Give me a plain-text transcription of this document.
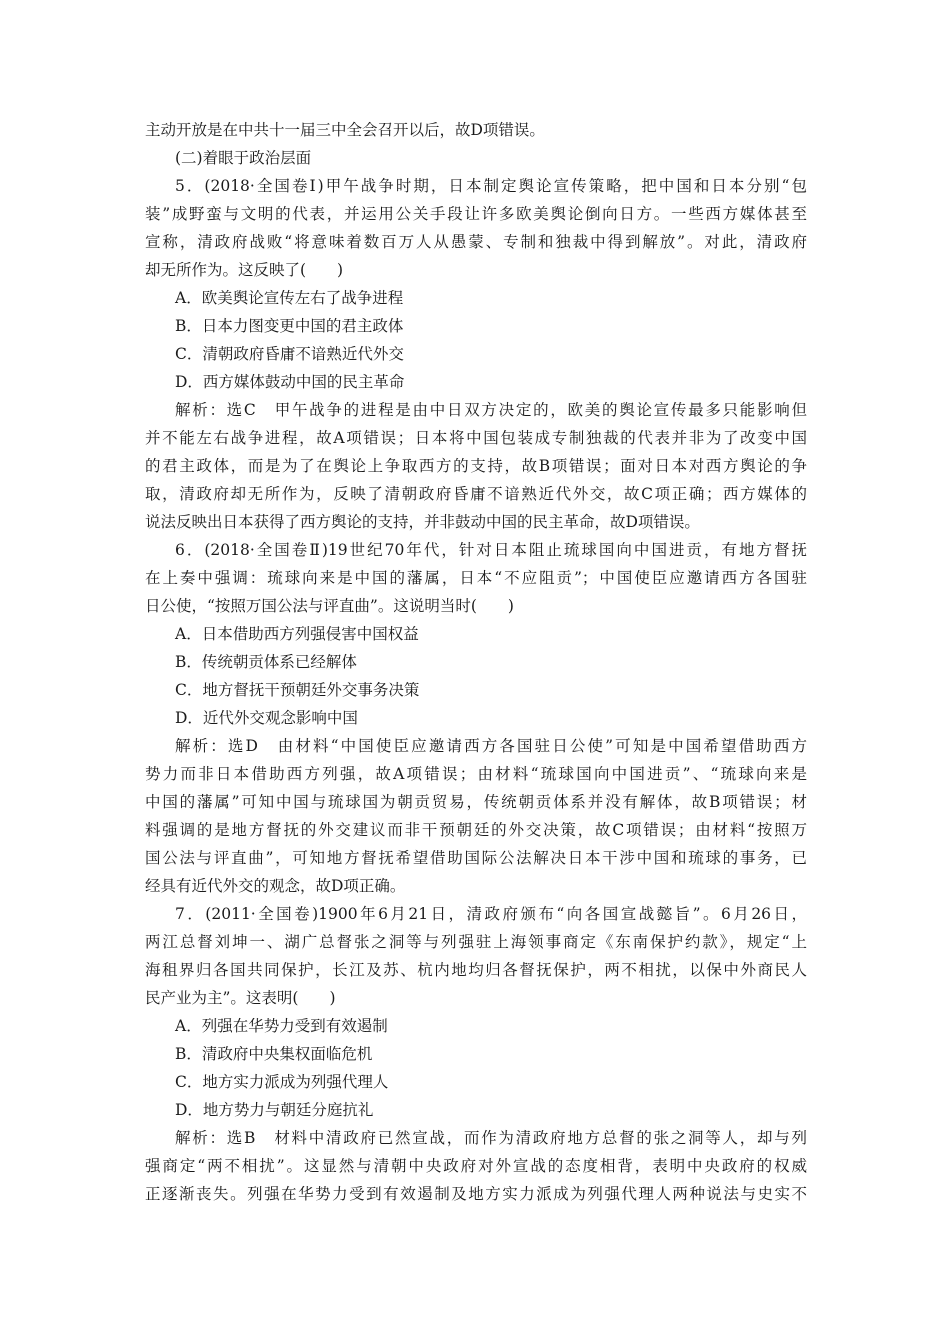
主动开放是在中共十一届三中全会召开以后，故D项错误。
(二)着眼于政治层面
5．(2018·全国卷Ⅰ)甲午战争时期，日本制定舆论宣传策略，把中国和日本分别“包
装”成野蛮与文明的代表，并运用公关手段让许多欧美舆论倒向日方。一些西方媒体甚至
宣称，清政府战败“将意味着数百万人从愚蒙、专制和独裁中得到解放”。对此，清政府
却无所作为。这反映了(　　)
A．欧美舆论宣传左右了战争进程
B．日本力图变更中国的君主政体
C．清朝政府昏庸不谙熟近代外交
D．西方媒体鼓动中国的民主革命
解析：选C　甲午战争的进程是由中日双方决定的，欧美的舆论宣传最多只能影响但
并不能左右战争进程，故A项错误；日本将中国包装成专制独裁的代表并非为了改变中国
的君主政体，而是为了在舆论上争取西方的支持，故B项错误；面对日本对西方舆论的争
取，清政府却无所作为，反映了清朝政府昏庸不谙熟近代外交，故C项正确；西方媒体的
说法反映出日本获得了西方舆论的支持，并非鼓动中国的民主革命，故D项错误。
6．(2018·全国卷Ⅱ)19世纪70年代，针对日本阻止琉球国向中国进贡，有地方督抚
在上奏中强调：琉球向来是中国的藩属，日本“不应阻贡”；中国使臣应邀请西方各国驻
日公使，“按照万国公法与评直曲”。这说明当时(　　)
A．日本借助西方列强侵害中国权益
B．传统朝贡体系已经解体
C．地方督抚干预朝廷外交事务决策
D．近代外交观念影响中国
解析：选D　由材料“中国使臣应邀请西方各国驻日公使”可知是中国希望借助西方
势力而非日本借助西方列强，故A项错误；由材料“琉球国向中国进贡”、“琉球向来是
中国的藩属”可知中国与琉球国为朝贡贸易，传统朝贡体系并没有解体，故B项错误；材
料强调的是地方督抚的外交建议而非干预朝廷的外交决策，故C项错误；由材料“按照万
国公法与评直曲”，可知地方督抚希望借助国际公法解决日本干涉中国和琉球的事务，已
经具有近代外交的观念，故D项正确。
7．(2011·全国卷)1900年6月21日，清政府颁布“向各国宣战懿旨”。6月26日，
两江总督刘坤一、湖广总督张之洞等与列强驻上海领事商定《东南保护约款》，规定“上
海租界归各国共同保护，长江及苏、杭内地均归各督抚保护，两不相扰，以保中外商民人
民产业为主”。这表明(　　)
A．列强在华势力受到有效遏制
B．清政府中央集权面临危机
C．地方实力派成为列强代理人
D．地方势力与朝廷分庭抗礼
解析：选B　材料中清政府已然宣战，而作为清政府地方总督的张之洞等人，却与列
强商定“两不相扰”。这显然与清朝中央政府对外宣战的态度相背，表明中央政府的权威
正逐渐丧失。列强在华势力受到有效遏制及地方实力派成为列强代理人两种说法与史实不
